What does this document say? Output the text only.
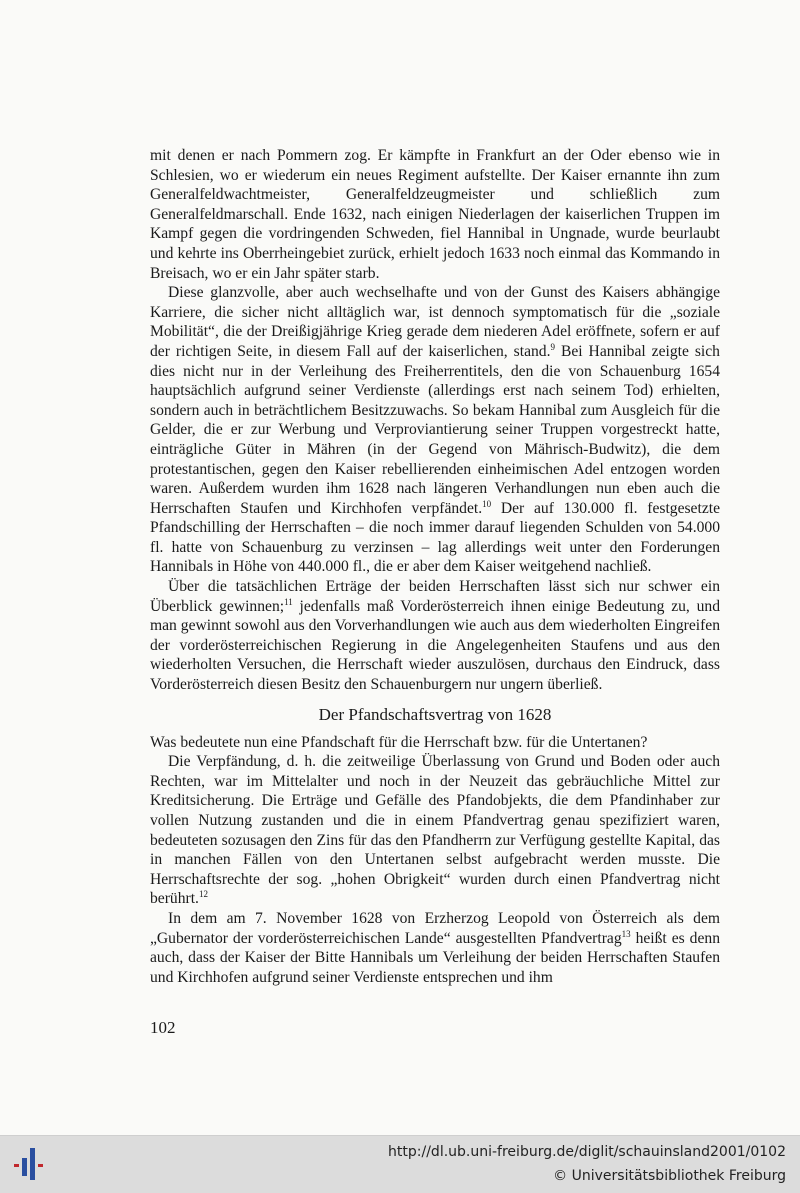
mit denen er nach Pommern zog. Er kämpfte in Frankfurt an der Oder ebenso wie in Schlesien, wo er wiederum ein neues Regiment aufstellte. Der Kaiser ernannte ihn zum Generalfeldwachtmeister, Generalfeldzeugmeister und schließlich zum Generalfeldmarschall. Ende 1632, nach einigen Niederlagen der kaiserlichen Truppen im Kampf gegen die vordringenden Schweden, fiel Hannibal in Ungnade, wurde beurlaubt und kehrte ins Oberrheingebiet zurück, erhielt jedoch 1633 noch einmal das Kommando in Breisach, wo er ein Jahr später starb.

Diese glanzvolle, aber auch wechselhafte und von der Gunst des Kaisers abhängige Karriere, die sicher nicht alltäglich war, ist dennoch symptomatisch für die „soziale Mobilität“, die der Dreißigjährige Krieg gerade dem niederen Adel eröffnete, sofern er auf der richtigen Seite, in diesem Fall auf der kaiserlichen, stand.$^9$ Bei Hannibal zeigte sich dies nicht nur in der Verleihung des Freiherrentitels, den die von Schauenburg 1654 hauptsächlich aufgrund seiner Verdienste (allerdings erst nach seinem Tod) erhielten, sondern auch in beträchtlichem Besitzzuwachs. So bekam Hannibal zum Ausgleich für die Gelder, die er zur Werbung und Verproviantierung seiner Truppen vorgestreckt hatte, einträgliche Güter in Mähren (in der Gegend von Mährisch-Budwitz), die dem protestantischen, gegen den Kaiser rebellierenden einheimischen Adel entzogen worden waren. Außerdem wurden ihm 1628 nach längeren Verhandlungen nun eben auch die Herrschaften Staufen und Kirchhofen verpfändet.$^{10}$ Der auf 130.000 fl. festgesetzte Pfandschilling der Herrschaften – die noch immer darauf liegenden Schulden von 54.000 fl. hatte von Schauenburg zu verzinsen – lag allerdings weit unter den Forderungen Hannibals in Höhe von 440.000 fl., die er aber dem Kaiser weitgehend nachließ.

Über die tatsächlichen Erträge der beiden Herrschaften lässt sich nur schwer ein Überblick gewinnen;$^{11}$ jedenfalls maß Vorderösterreich ihnen einige Bedeutung zu, und man gewinnt sowohl aus den Vorverhandlungen wie auch aus dem wiederholten Eingreifen der vorderösterreichischen Regierung in die Angelegenheiten Staufens und aus den wiederholten Versuchen, die Herrschaft wieder auszulösen, durchaus den Eindruck, dass Vorderösterreich diesen Besitz den Schauenburgern nur ungern überließ.

Der Pfandschaftsvertrag von 1628

Was bedeutete nun eine Pfandschaft für die Herrschaft bzw. für die Untertanen?

Die Verpfändung, d. h. die zeitweilige Überlassung von Grund und Boden oder auch Rechten, war im Mittelalter und noch in der Neuzeit das gebräuchliche Mittel zur Kreditsicherung. Die Erträge und Gefälle des Pfandobjekts, die dem Pfandinhaber zur vollen Nutzung zustanden und die in einem Pfandvertrag genau spezifiziert waren, bedeuteten sozusagen den Zins für das den Pfandherrn zur Verfügung gestellte Kapital, das in manchen Fällen von den Untertanen selbst aufgebracht werden musste. Die Herrschaftsrechte der sog. „hohen Obrigkeit“ wurden durch einen Pfandvertrag nicht berührt.$^{12}$

In dem am 7. November 1628 von Erzherzog Leopold von Österreich als dem „Gubernator der vorderösterreichischen Lande“ ausgestellten Pfandvertrag$^{13}$ heißt es denn auch, dass der Kaiser der Bitte Hannibals um Verleihung der beiden Herrschaften Staufen und Kirchhofen aufgrund seiner Verdienste entsprechen und ihm

102
http://dl.ub.uni-freiburg.de/diglit/schauinsland2001/0102
© Universitätsbibliothek Freiburg
